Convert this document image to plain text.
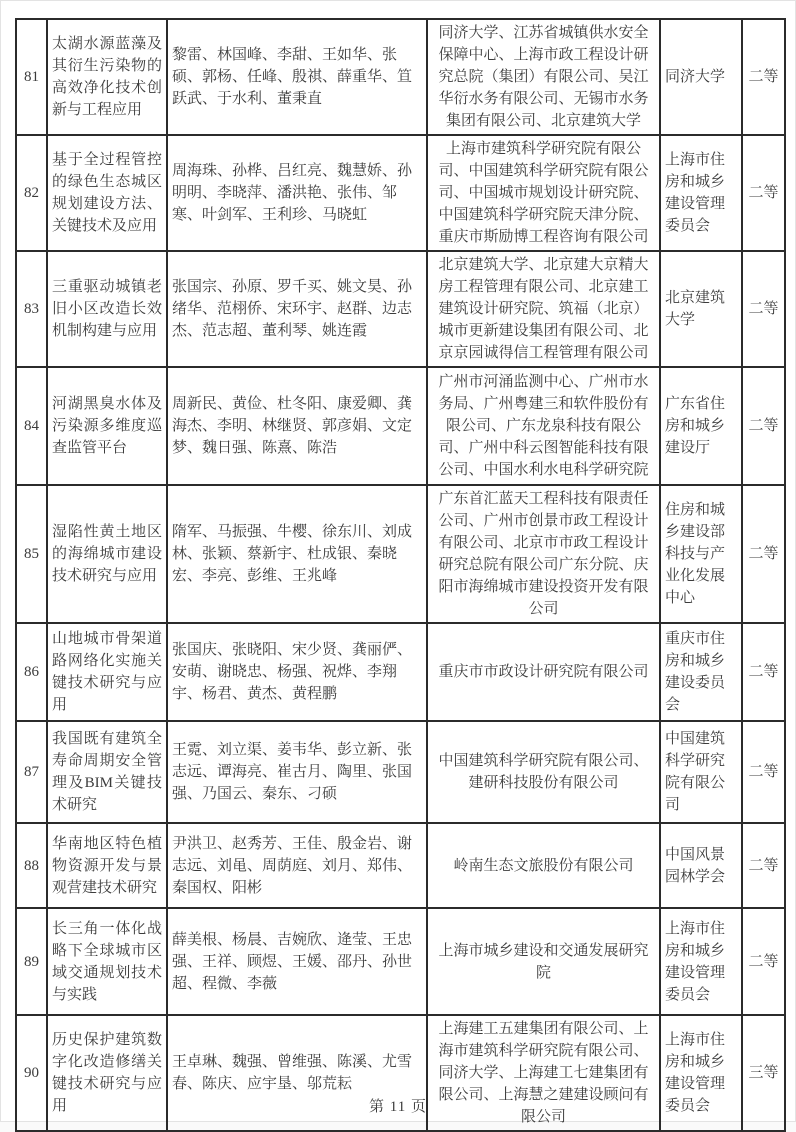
81	太湖水源蓝藻及其衍生污染物的高效净化技术创新与工程应用	黎雷、林国峰、李甜、王如华、张硕、郭杨、任峰、殷祺、薛重华、笪跃武、于水利、董秉直	同济大学、江苏省城镇供水安全保障中心、上海市政工程设计研究总院（集团）有限公司、吴江华衍水务有限公司、无锡市水务集团有限公司、北京建筑大学	同济大学	二等
82	基于全过程管控的绿色生态城区规划建设方法、关键技术及应用	周海珠、孙桦、吕红亮、魏慧娇、孙明明、李晓萍、潘洪艳、张伟、邹寒、叶剑军、王利珍、马晓虹	上海市建筑科学研究院有限公司、中国建筑科学研究院有限公司、中国城市规划设计研究院、中国建筑科学研究院天津分院、重庆市斯励博工程咨询有限公司	上海市住房和城乡建设管理委员会	二等
83	三重驱动城镇老旧小区改造长效机制构建与应用	张国宗、孙原、罗千买、姚文昊、孙绪华、范栩侨、宋环宇、赵群、边志杰、范志超、董利琴、姚连霞	北京建筑大学、北京建大京精大房工程管理有限公司、北京建工建筑设计研究院、筑福（北京）城市更新建设集团有限公司、北京京园诚得信工程管理有限公司	北京建筑大学	二等
84	河湖黑臭水体及污染源多维度巡查监管平台	周新民、黄俭、杜冬阳、康爱卿、龚海杰、李明、林继贤、郭彦娟、文定梦、魏日强、陈熹、陈浩	广州市河涌监测中心、广州市水务局、广州粤建三和软件股份有限公司、广东龙泉科技有限公司、广州中科云图智能科技有限公司、中国水利水电科学研究院	广东省住房和城乡建设厅	二等
85	湿陷性黄土地区的海绵城市建设技术研究与应用	隋军、马振强、牛樱、徐东川、刘成林、张颖、蔡新宇、杜成银、秦晓宏、李亮、彭维、王兆峰	广东首汇蓝天工程科技有限责任公司、广州市创景市政工程设计有限公司、北京市市政工程设计研究总院有限公司广东分院、庆阳市海绵城市建设投资开发有限公司	住房和城乡建设部科技与产业化发展中心	二等
86	山地城市骨架道路网络化实施关键技术研究与应用	张国庆、张晓阳、宋少贤、龚丽俨、安萌、谢晓忠、杨强、祝烨、李翔宇、杨君、黄杰、黄程鹏	重庆市市政设计研究院有限公司	重庆市住房和城乡建设委员会	二等
87	我国既有建筑全寿命周期安全管理及BIM关键技术研究	王霓、刘立渠、姜韦华、彭立新、张志远、谭海亮、崔古月、陶里、张国强、乃国云、秦东、刁硕	中国建筑科学研究院有限公司、建研科技股份有限公司	中国建筑科学研究院有限公司	二等
88	华南地区特色植物资源开发与景观营建技术研究	尹洪卫、赵秀芳、王佳、殷金岩、谢志远、刘黾、周荫庭、刘月、郑伟、秦国权、阳彬	岭南生态文旅股份有限公司	中国风景园林学会	二等
89	长三角一体化战略下全球城市区域交通规划技术与实践	薛美根、杨晨、吉婉欣、逄莹、王忠强、王祥、顾煜、王媛、邵丹、孙世超、程微、李薇	上海市城乡建设和交通发展研究院	上海市住房和城乡建设管理委员会	二等
90	历史保护建筑数字化改造修缮关键技术研究与应用	王卓琳、魏强、曾维强、陈溪、尤雪春、陈庆、应宇垦、邬荒耘	上海建工五建集团有限公司、上海市建筑科学研究院有限公司、同济大学、上海建工七建集团有限公司、上海慧之建建设顾问有限公司	上海市住房和城乡建设管理委员会	三等
第 11 页
